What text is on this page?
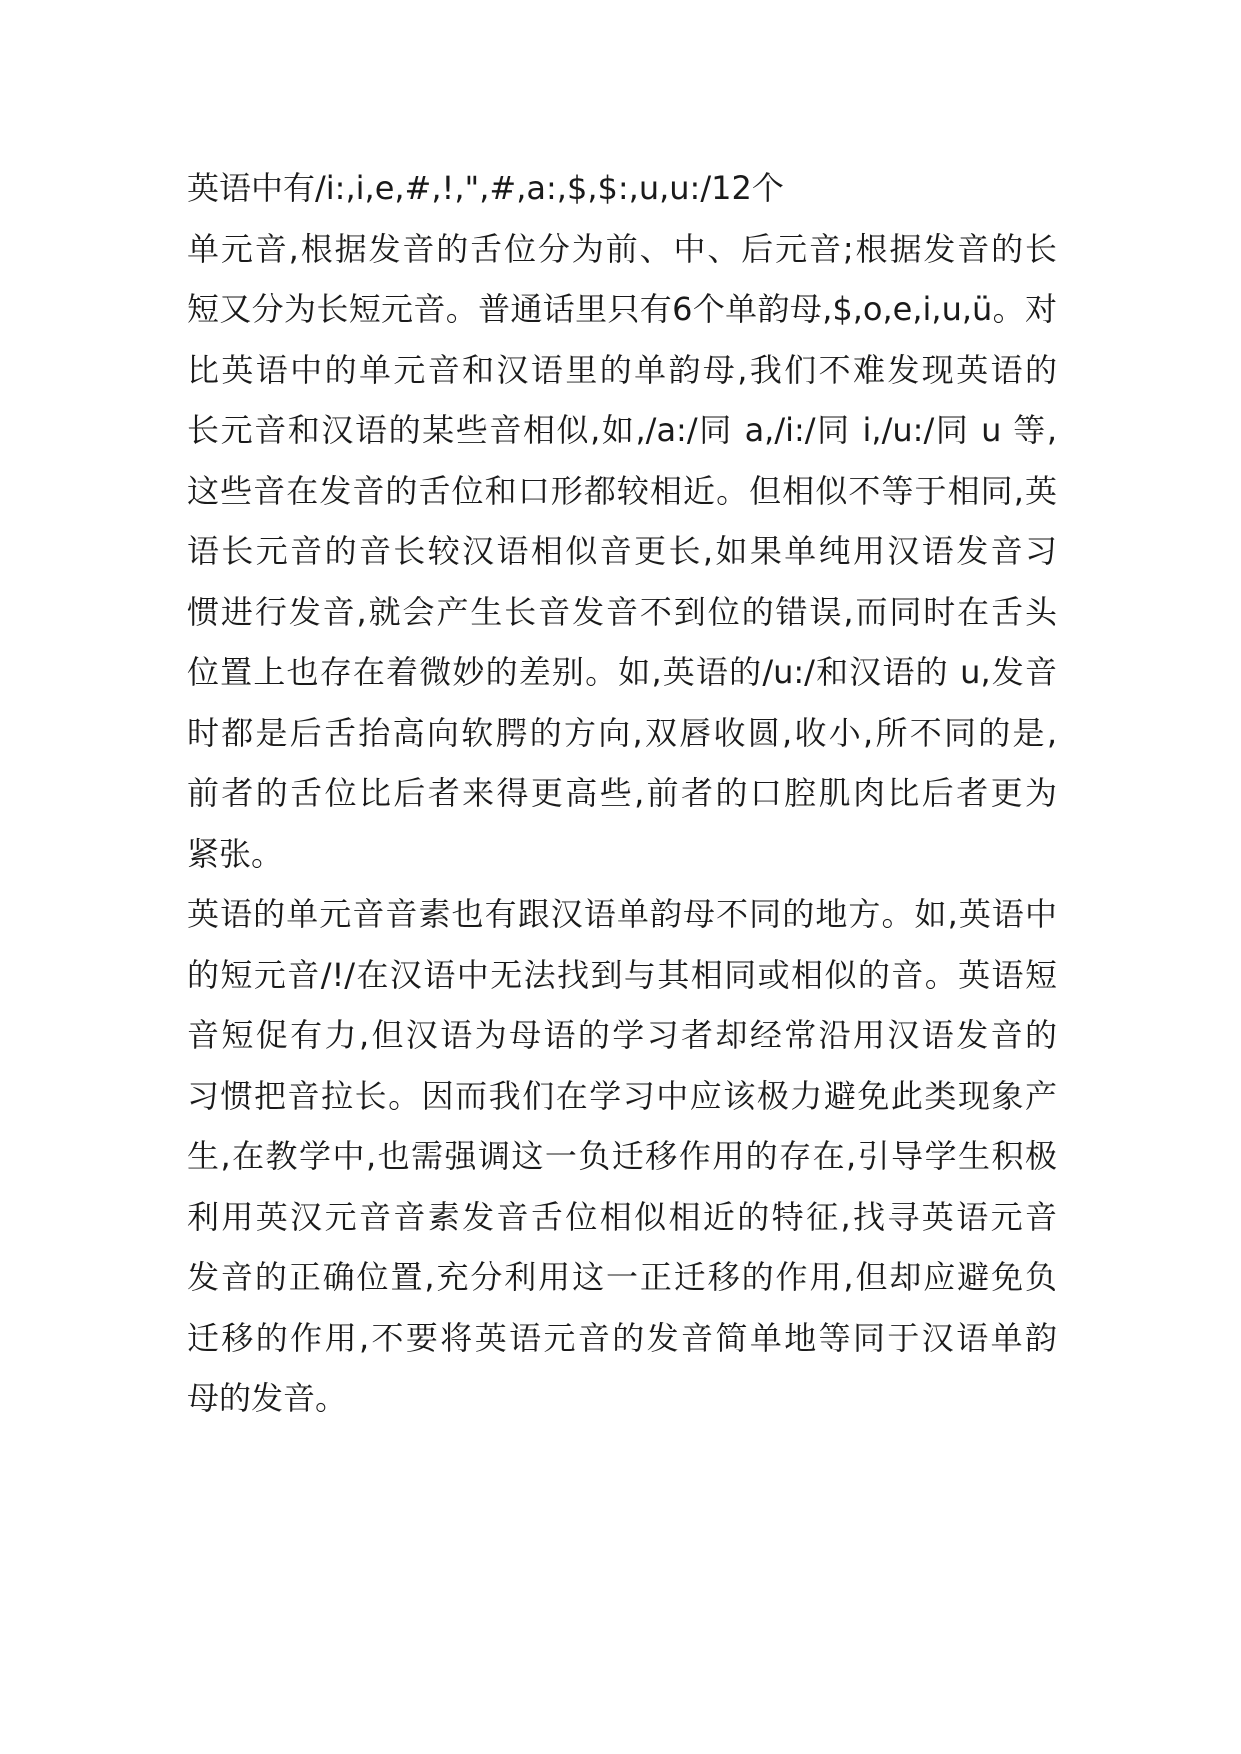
英语中有/i:,i,e,#,!,",#,a:,$,$:,u,u:/12个
单元音,根据发音的舌位分为前、中、后元音;根据发音的长
短又分为长短元音。普通话里只有6个单韵母,$,o,e,i,u,ü。对
比英语中的单元音和汉语里的单韵母,我们不难发现英语的
长元音和汉语的某些音相似,如,/a:/同 a,/i:/同 i,/u:/同 u 等,
这些音在发音的舌位和口形都较相近。但相似不等于相同,英
语长元音的音长较汉语相似音更长,如果单纯用汉语发音习
惯进行发音,就会产生长音发音不到位的错误,而同时在舌头
位置上也存在着微妙的差别。如,英语的/u:/和汉语的 u,发音
时都是后舌抬高向软腭的方向,双唇收圆,收小,所不同的是,
前者的舌位比后者来得更高些,前者的口腔肌肉比后者更为
紧张。
英语的单元音音素也有跟汉语单韵母不同的地方。如,英语中
的短元音/!/在汉语中无法找到与其相同或相似的音。英语短
音短促有力,但汉语为母语的学习者却经常沿用汉语发音的
习惯把音拉长。因而我们在学习中应该极力避免此类现象产
生,在教学中,也需强调这一负迁移作用的存在,引导学生积极
利用英汉元音音素发音舌位相似相近的特征,找寻英语元音
发音的正确位置,充分利用这一正迁移的作用,但却应避免负
迁移的作用,不要将英语元音的发音简单地等同于汉语单韵
母的发音。
